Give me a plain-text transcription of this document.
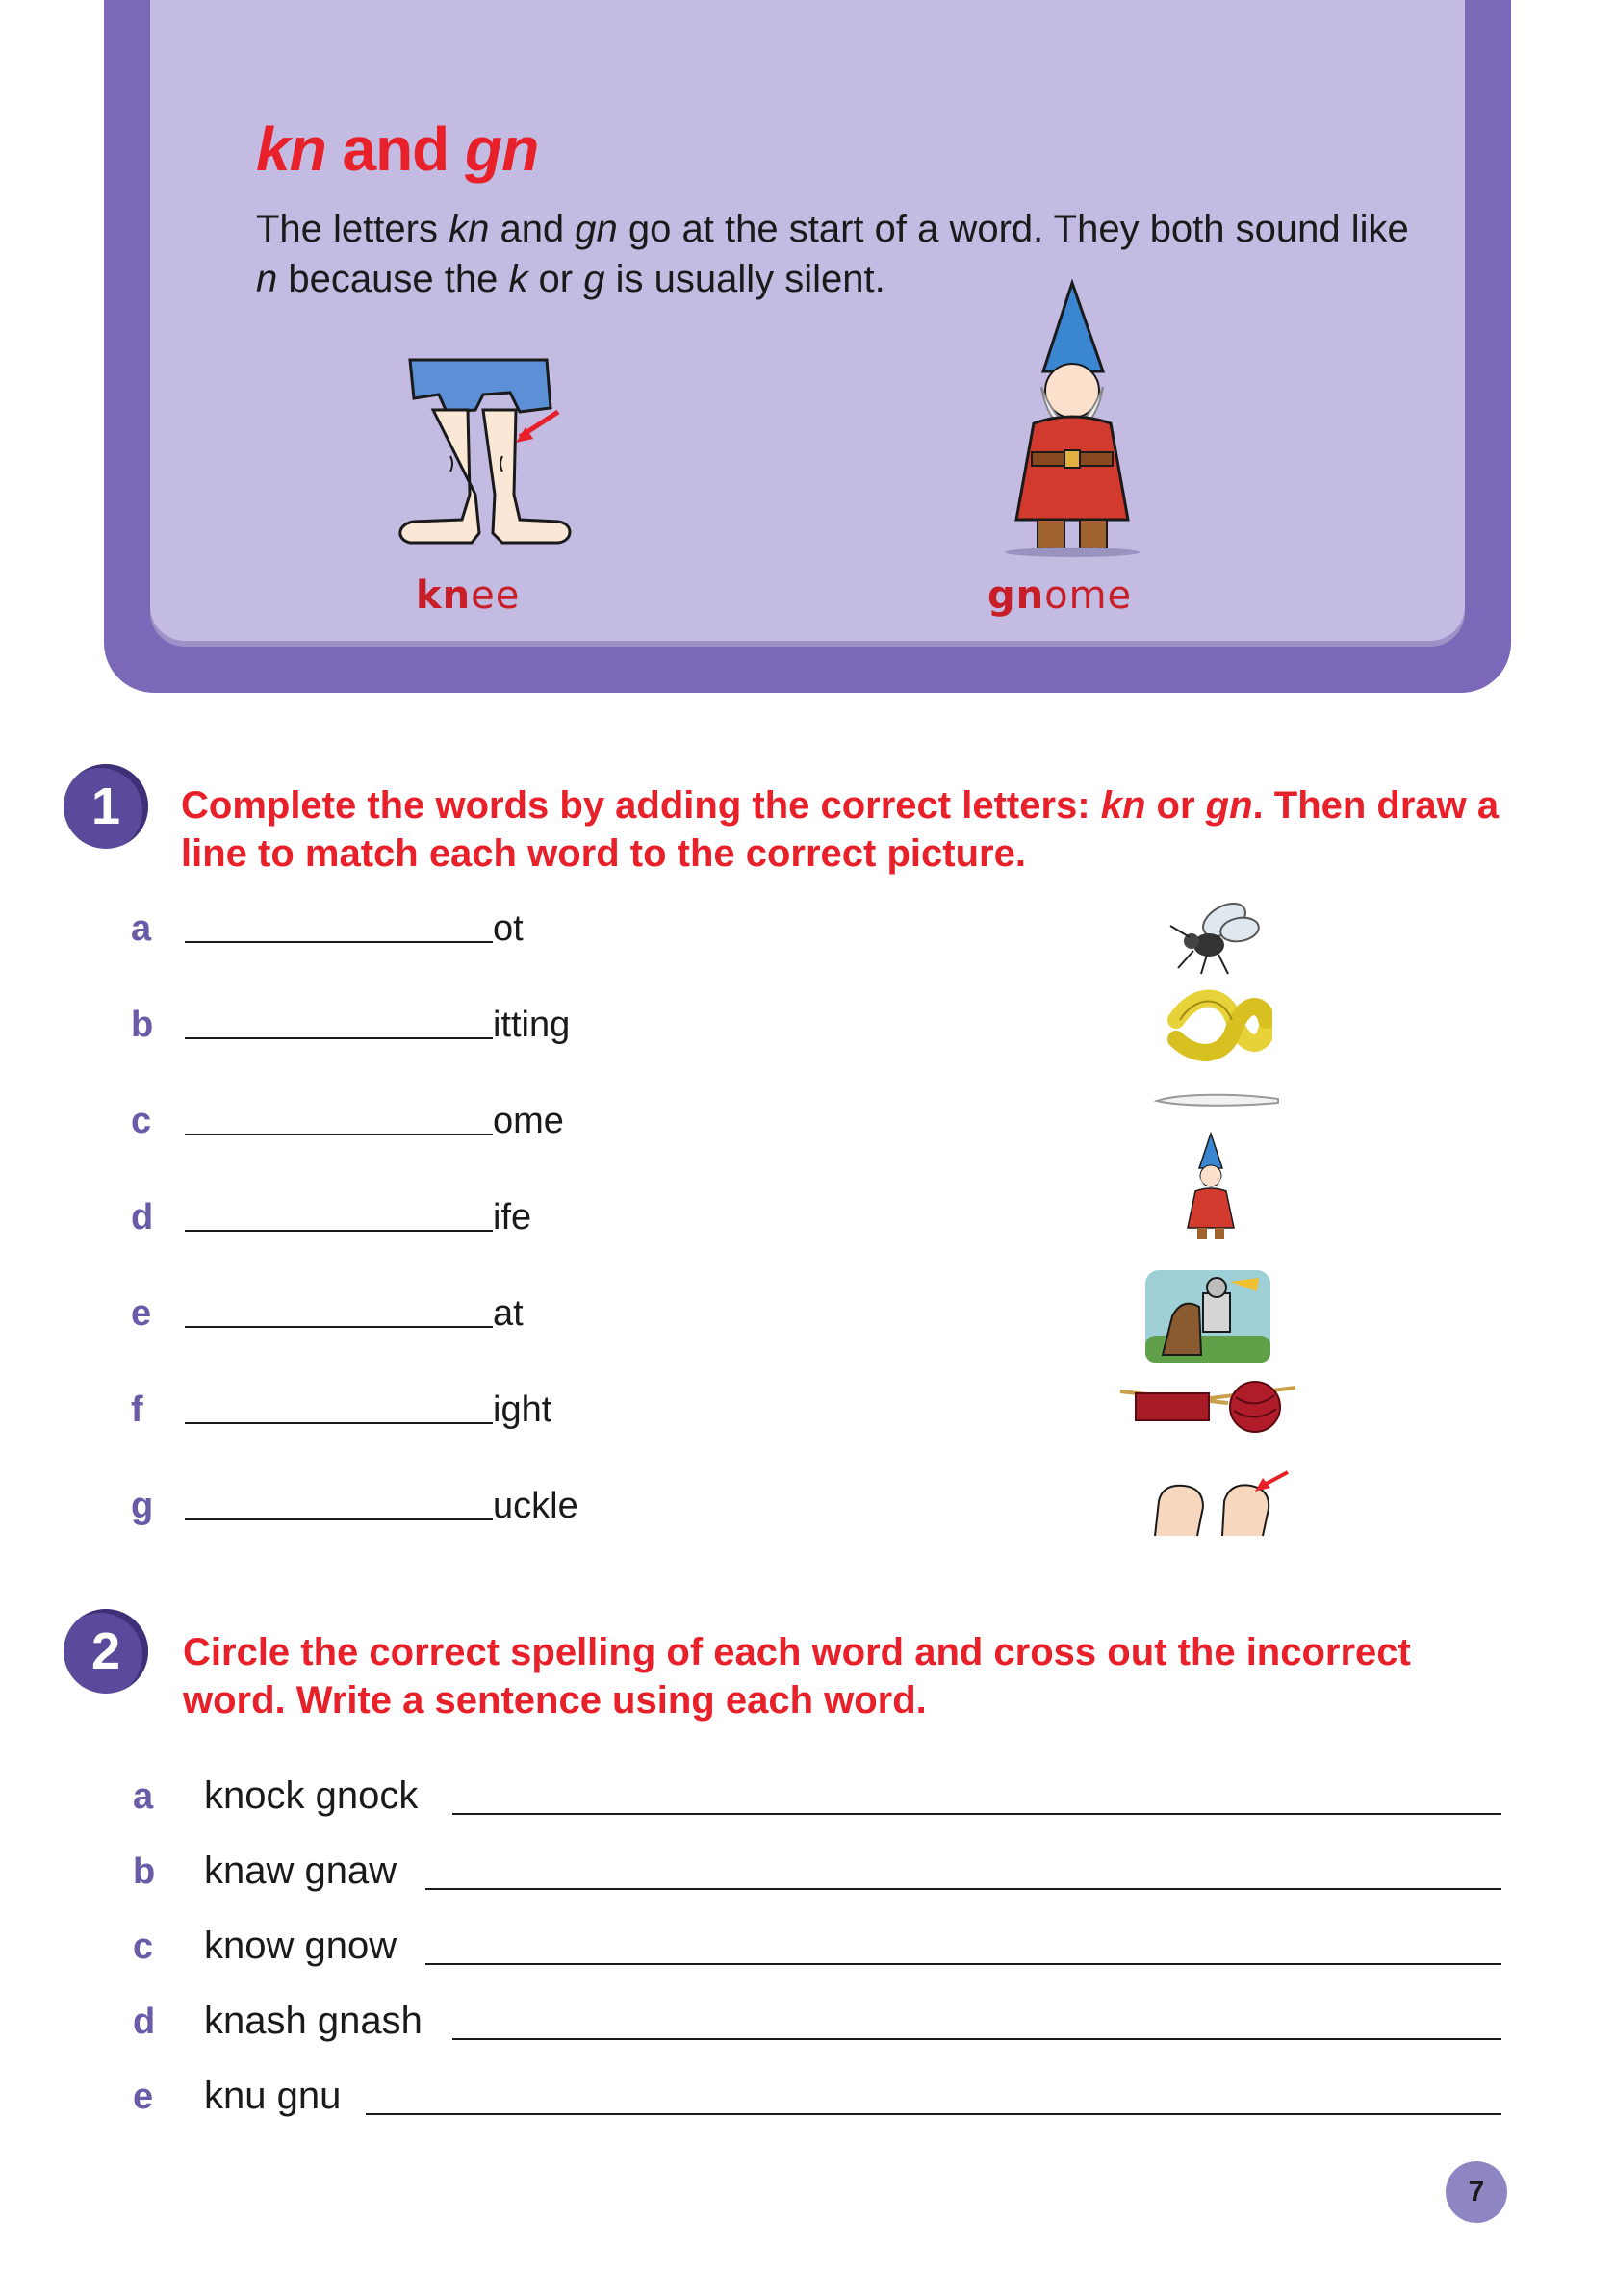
kn and gn

The letters kn and gn go at the start of a word. They both sound like n because the k or g is usually silent.

knee	gnome
1	Complete the words by adding the correct letters: kn or gn. Then draw a line to match each word to the correct picture.

a	ot
b	itting
c	ome
d	ife
e	at
f	ight
g	uckle
2	Circle the correct spelling of each word and cross out the incorrect word. Write a sentence using each word.

a knock gnock
b knaw gnaw
c know gnow
d knash gnash
e knu gnu
7
